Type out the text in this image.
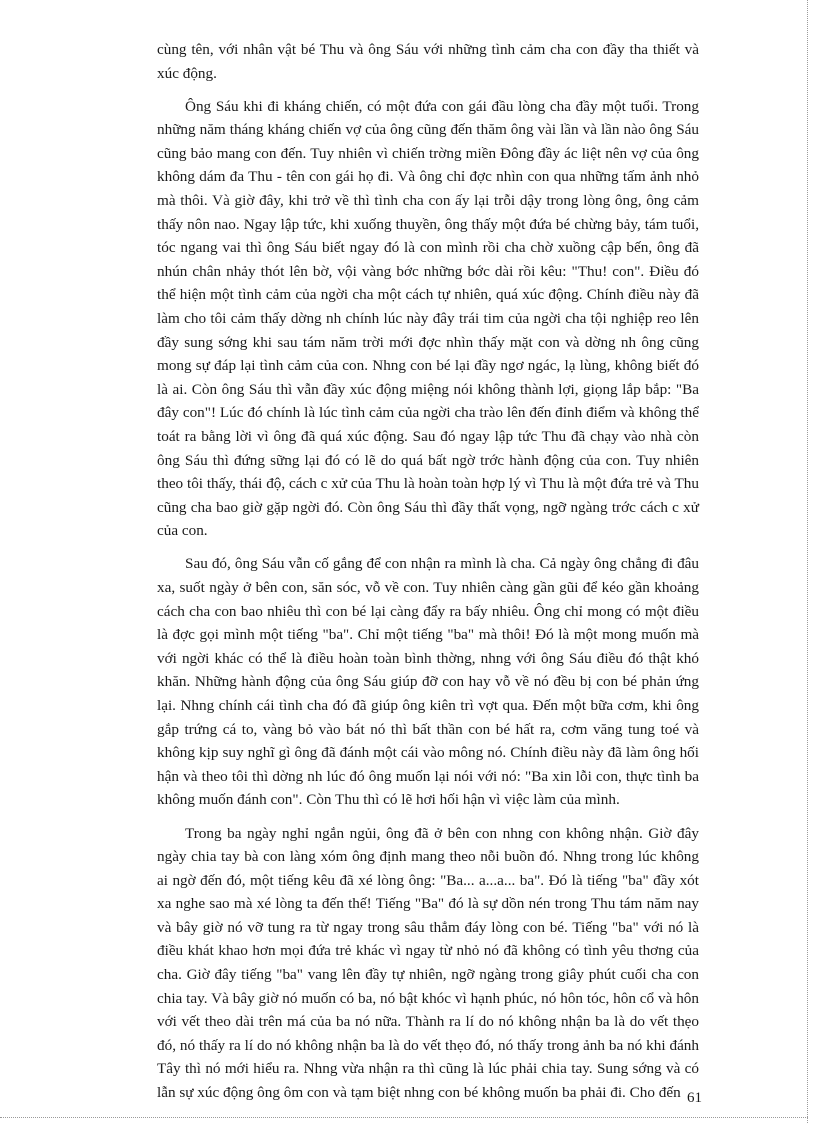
cùng tên, với nhân vật bé Thu và ông Sáu với những tình cảm cha con đầy tha thiết và xúc động.

Ông Sáu khi đi kháng chiến, có một đứa con gái đầu lòng cha đầy một tuổi. Trong những năm tháng kháng chiến vợ của ông cũng đến thăm ông vài lần và lần nào ông Sáu cũng bảo mang con đến. Tuy nhiên vì chiến trờng miền Đông đầy ác liệt nên vợ của ông không dám đa Thu - tên con gái họ đi. Và ông chỉ đợc nhìn con qua những tấm ảnh nhỏ mà thôi. Và giờ đây, khi trở về thì tình cha con ấy lại trỗi dậy trong lòng ông, ông cảm thấy nôn nao. Ngay lập tức, khi xuống thuyền, ông thấy một đứa bé chừng bảy, tám tuổi, tóc ngang vai thì ông Sáu biết ngay đó là con mình rồi cha chờ xuồng cập bến, ông đã nhún chân nhảy thót lên bờ, vội vàng bớc những bớc dài rồi kêu: "Thu! con". Điều đó thể hiện một tình cảm của ngời cha một cách tự nhiên, quá xúc động. Chính điều này đã làm cho tôi cảm thấy dờng nh chính lúc này đây trái tim của ngời cha tội nghiệp reo lên đầy sung sớng khi sau tám năm trời mới đợc nhìn thấy mặt con và dờng nh ông cũng mong sự đáp lại tình cảm của con. Nhng con bé lại đầy ngơ ngác, lạ lùng, không biết đó là ai. Còn ông Sáu thì vẫn đầy xúc động miệng nói không thành lợi, giọng lắp bắp: "Ba đây con"! Lúc đó chính là lúc tình cảm của ngời cha trào lên đến đỉnh điểm và không thể toát ra bằng lời vì ông đã quá xúc động. Sau đó ngay lập tức Thu đã chạy vào nhà còn ông Sáu thì đứng sững lại đó có lẽ do quá bất ngờ trớc hành động của con. Tuy nhiên theo tôi thấy, thái độ, cách c xử của Thu là hoàn toàn hợp lý vì Thu là một đứa trẻ và Thu cũng cha bao giờ gặp ngời đó. Còn ông Sáu thì đầy thất vọng, ngỡ ngàng trớc cách c xử của con.

Sau đó, ông Sáu vẫn cố gắng để con nhận ra mình là cha. Cả ngày ông chẳng đi đâu xa, suốt ngày ở bên con, săn sóc, vỗ về con. Tuy nhiên càng gần gũi để kéo gần khoảng cách cha con bao nhiêu thì con bé lại càng đẩy ra bấy nhiêu. Ông chỉ mong có một điều là đợc gọi mình một tiếng "ba". Chỉ một tiếng "ba" mà thôi! Đó là một mong muốn mà với ngời khác có thể là điều hoàn toàn bình thờng, nhng với ông Sáu điều đó thật khó khăn. Những hành động của ông Sáu giúp đỡ con hay vỗ về nó đều bị con bé phản ứng lại. Nhng chính cái tình cha đó đã giúp ông kiên trì vợt qua. Đến một bữa cơm, khi ông gắp trứng cá to, vàng bỏ vào bát nó thì bất thần con bé hất ra, cơm văng tung toé và không kịp suy nghĩ gì ông đã đánh một cái vào mông nó. Chính điều này đã làm ông hối hận và theo tôi thì dờng nh lúc đó ông muốn lại nói với nó: "Ba xin lỗi con, thực tình ba không muốn đánh con". Còn Thu thì có lẽ hơi hối hận vì việc làm của mình.

Trong ba ngày nghỉ ngắn ngủi, ông đã ở bên con nhng con không nhận. Giờ đây ngày chia tay bà con làng xóm ông định mang theo nỗi buồn đó. Nhng trong lúc không ai ngờ đến đó, một tiếng kêu đã xé lòng ông: "Ba... a...a... ba". Đó là tiếng "ba" đầy xót xa nghe sao mà xé lòng ta đến thế! Tiếng "Ba" đó là sự dồn nén trong Thu tám năm nay và bây giờ nó vỡ tung ra từ ngay trong sâu thẳm đáy lòng con bé. Tiếng "ba" với nó là điều khát khao hơn mọi đứa trẻ khác vì ngay từ nhỏ nó đã không có tình yêu thơng của cha. Giờ đây tiếng "ba" vang lên đầy tự nhiên, ngỡ ngàng trong giây phút cuối cha con chia tay. Và bây giờ nó muốn có ba, nó bật khóc vì hạnh phúc, nó hôn tóc, hôn cổ và hôn với vết theo dài trên má của ba nó nữa. Thành ra lí do nó không nhận ba là do vết thẹo đó, nó thấy ra lí do nó không nhận ba là do vết thẹo đó, nó thấy trong ảnh ba nó khi đánh Tây thì nó mới hiểu ra. Nhng vừa nhận ra thì cũng là lúc phải chia tay. Sung sớng và có lẫn sự xúc động ông ôm con và tạm biệt nhng con bé không muốn ba phải đi. Cho đến 61
